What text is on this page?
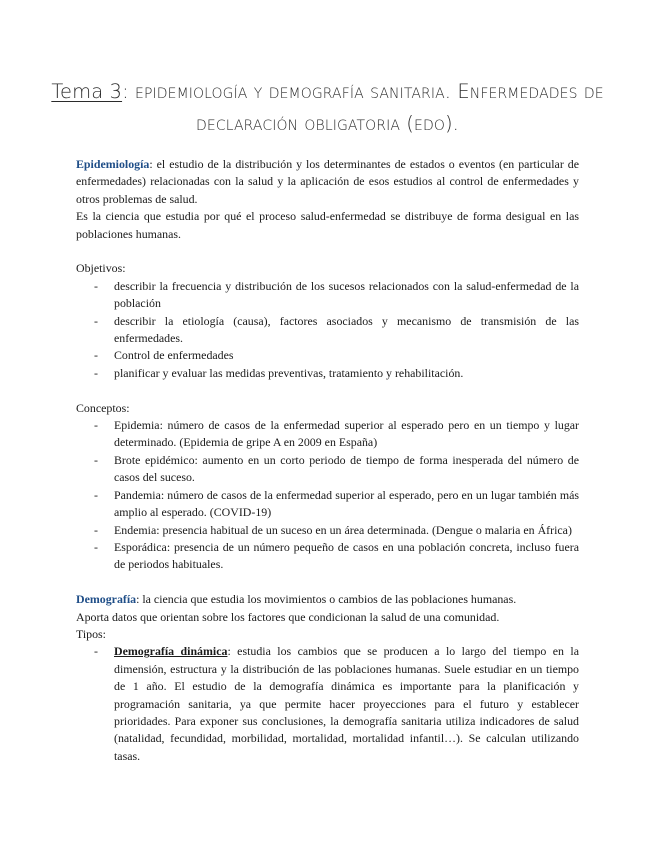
Tema 3: epidemiología y demografía sanitaria. Enfermedades de declaración obligatoria (edo).

Epidemiología: el estudio de la distribución y los determinantes de estados o eventos (en particular de enfermedades) relacionadas con la salud y la aplicación de esos estudios al control de enfermedades y otros problemas de salud.

Es la ciencia que estudia por qué el proceso salud-enfermedad se distribuye de forma desigual en las poblaciones humanas.

Objetivos:

- describir la frecuencia y distribución de los sucesos relacionados con la salud-enfermedad de la población
- describir la etiología (causa), factores asociados y mecanismo de transmisión de las enfermedades.
- Control de enfermedades
- planificar y evaluar las medidas preventivas, tratamiento y rehabilitación.

Conceptos:

- Epidemia: número de casos de la enfermedad superior al esperado pero en un tiempo y lugar determinado. (Epidemia de gripe A en 2009 en España)
- Brote epidémico: aumento en un corto periodo de tiempo de forma inesperada del número de casos del suceso.
- Pandemia: número de casos de la enfermedad superior al esperado, pero en un lugar también más amplio al esperado. (COVID-19)
- Endemia: presencia habitual de un suceso en un área determinada. (Dengue o malaria en África)
- Esporádica: presencia de un número pequeño de casos en una población concreta, incluso fuera de periodos habituales.

Demografía: la ciencia que estudia los movimientos o cambios de las poblaciones humanas.

Aporta datos que orientan sobre los factores que condicionan la salud de una comunidad.

Tipos:

- Demografía dinámica: estudia los cambios que se producen a lo largo del tiempo en la dimensión, estructura y la distribución de las poblaciones humanas. Suele estudiar en un tiempo de 1 año. El estudio de la demografía dinámica es importante para la planificación y programación sanitaria, ya que permite hacer proyecciones para el futuro y establecer prioridades. Para exponer sus conclusiones, la demografía sanitaria utiliza indicadores de salud (natalidad, fecundidad, morbilidad, mortalidad, mortalidad infantil…). Se calculan utilizando tasas.
